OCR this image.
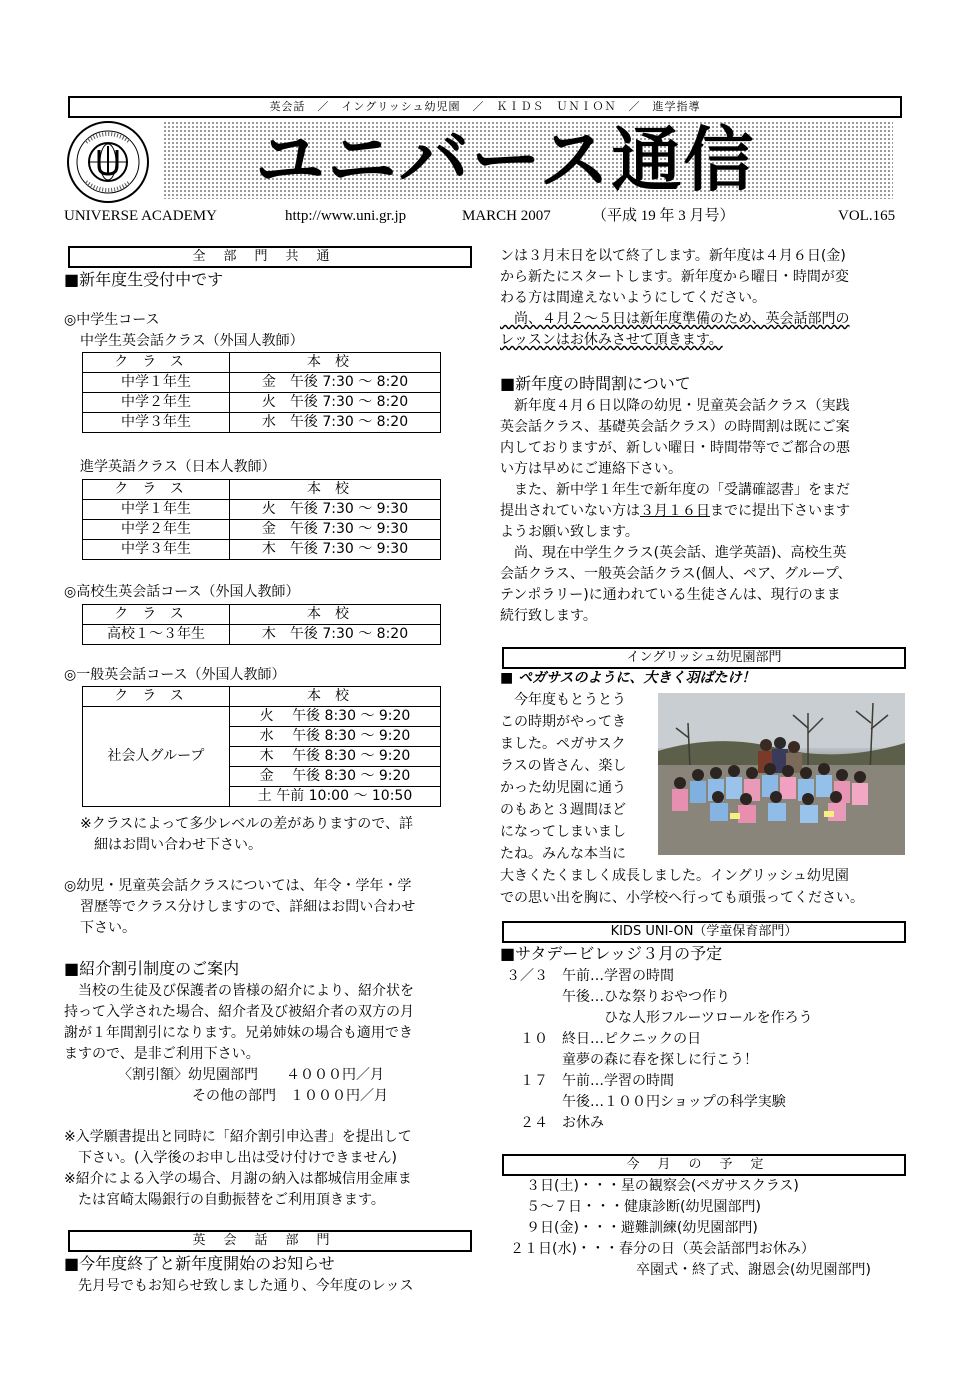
英会話　／　イングリッシュ幼児園　／　ＫＩＤＳ　ＵＮＩＯＮ　／　進学指導
ユニバース通信
UNIVERSE ACADEMY	http://www.uni.gr.jp	MARCH 2007	（平成 19 年 3 月号）	VOL.165
全部門共通
■新年度生受付中です
◎中学生コース
中学生英会話クラス（外国人教師）
クラス	本校
中学１年生	金　午後 7:30 ～ 8:20
中学２年生	火　午後 7:30 ～ 8:20
中学３年生	水　午後 7:30 ～ 8:20
進学英語クラス（日本人教師）
クラス	本校
中学１年生	火　午後 7:30 ～ 9:30
中学２年生	金　午後 7:30 ～ 9:30
中学３年生	木　午後 7:30 ～ 9:30
◎高校生英会話コース（外国人教師）
クラス	本校
高校１～３年生	木　午後 7:30 ～ 8:20
◎一般英会話コース（外国人教師）
クラス	本校
社会人グループ	火　 午後 8:30 ～ 9:20
	水　 午後 8:30 ～ 9:20
	木　 午後 8:30 ～ 9:20
	金　 午後 8:30 ～ 9:20
	土 午前 10:00 ～ 10:50
※クラスによって多少レベルの差がありますので、詳
細はお問い合わせ下さい。
◎幼児・児童英会話クラスについては、年令・学年・学
習歴等でクラス分けしますので、詳細はお問い合わせ
下さい。
■紹介割引制度のご案内
　当校の生徒及び保護者の皆様の紹介により、紹介状を
持って入学された場合、紹介者及び被紹介者の双方の月
謝が１年間割引になります。兄弟姉妹の場合も適用でき
ますので、是非ご利用下さい。
〈割引額〉幼児園部門　　４０００円／月
その他の部門　１０００円／月
※入学願書提出と同時に「紹介割引申込書」を提出して
　下さい。(入学後のお申し出は受け付けできません)
※紹介による入学の場合、月謝の納入は都城信用金庫ま
　たは宮崎太陽銀行の自動振替をご利用頂きます。
英会話部門
■今年度終了と新年度開始のお知らせ
　先月号でもお知らせ致しました通り、今年度のレッス
ンは３月末日を以て終了します。新年度は４月６日(金)
から新たにスタートします。新年度から曜日・時間が変
わる方は間違えないようにしてください。
　尚、４月２～５日は新年度準備のため、英会話部門の
レッスンはお休みさせて頂きます。
■新年度の時間割について
　新年度４月６日以降の幼児・児童英会話クラス（実践
英会話クラス、基礎英会話クラス）の時間割は既にご案
内しておりますが、新しい曜日・時間帯等でご都合の悪
い方は早めにご連絡下さい。
　また、新中学１年生で新年度の「受講確認書」をまだ
提出されていない方は３月１６日までに提出下さいます
ようお願い致します。
　尚、現在中学生クラス(英会話、進学英語)、高校生英
会話クラス、一般英会話クラス(個人、ペア、グループ、
テンポラリー)に通われている生徒さんは、現行のまま
続行致します。
イングリッシュ幼児園部門
■ ペガサスのように、大きく羽ばたけ！
　今年度もとうとう
この時期がやってき
ました。ペガサスク
ラスの皆さん、楽し
かった幼児園に通う
のもあと３週間ほど
になってしまいまし
たね。みんな本当に
大きくたくましく成長しました。イングリッシュ幼児園
での思い出を胸に、小学校へ行っても頑張ってください。
KIDS UNI-ON（学童保育部門）
■サタデービレッジ３月の予定
３／３　午前…学習の時間
　　　　午後…ひな祭りおやつ作り
　　　　　　　ひな人形フルーツロールを作ろう
　１０　終日…ピクニックの日
　　　　童夢の森に春を探しに行こう！
　１７　午前…学習の時間
　　　　午後…１００円ショップの科学実験
　２４　お休み
今月の予定
３日(土)・・・星の観察会(ペガサスクラス)
５～７日・・・健康診断(幼児園部門)
９日(金)・・・避難訓練(幼児園部門)
２１日(水)・・・春分の日（英会話部門お休み）
卒園式・終了式、謝恩会(幼児園部門)
